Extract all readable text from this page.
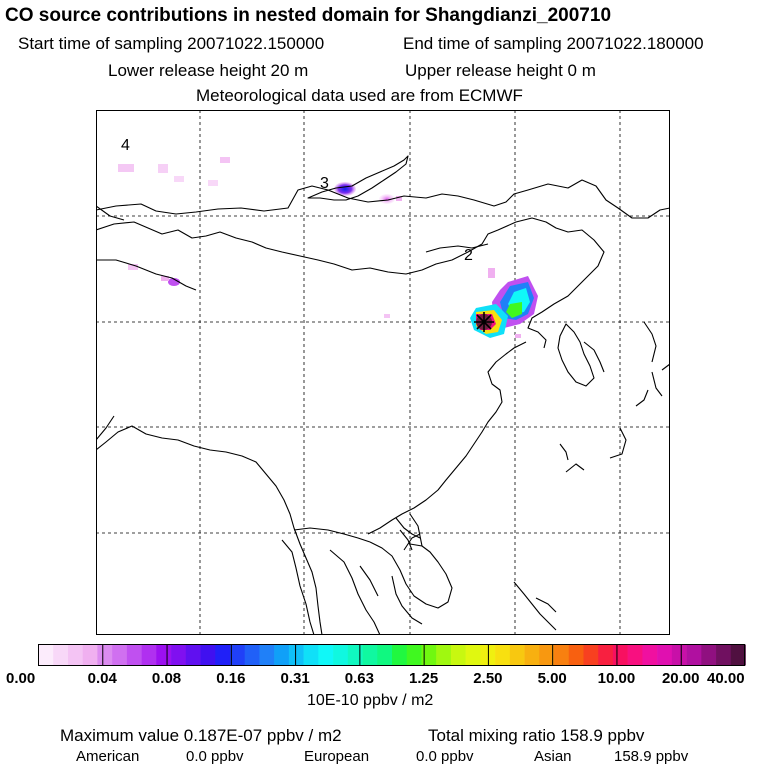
CO source contributions in nested domain for Shangdianzi_200710
Start time of sampling 20071022.150000	End time of sampling 20071022.180000
Lower release height 20 m	Upper release height 0 m
Meteorological data used are from ECMWF
4
3
2
0.00	0.04 0.08 0.16 0.31 0.63 1.25 2.50 5.00 10.00 20.00 40.00
10E-10 ppbv / m2
Maximum value 0.187E-07 ppbv / m2	Total mixing ratio 158.9 ppbv
American	0.0 ppbv	European	0.0 ppbv	Asian	158.9 ppbv
